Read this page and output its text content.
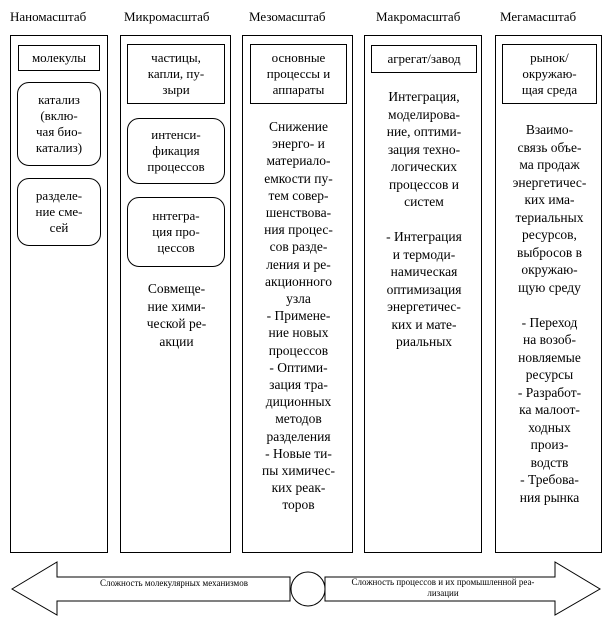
Наномасштаб	Микромасштаб	Мезомасштаб	Макромасштаб	Мегамасштаб
молекулы
катализ
(вклю-
чая био-
катализ)
разделе-
ние сме-
сей
частицы,
капли, пу-
зыри
интенси-
фикация
процессов
ннтегра-
ция про-
цессов
Совмеще-
ние хими-
ческой ре-
акции
основные
процессы и
аппараты
Снижение
энерго- и
материало-
емкости пу-
тем совер-
шенствова-
ния процес-
сов разде-
ления и ре-
акционного
узла
- Примене-
ние новых
процессов
- Оптими-
зация тра-
диционных
методов
разделения
- Новые ти-
пы химичес-
ких реак-
торов
агрегат/завод
Интеграция,
моделирова-
ние, оптими-
зация техно-
логических
процессов и
систем

- Интеграция
и термоди-
намическая
оптимизация
энергетичес-
ких и мате-
риальных
рынок/
окружаю-
щая среда
Взаимо-
связь объе-
ма продаж
энергетичес-
ких има-
териальных
ресурсов,
выбросов в
окружаю-
щую среду

- Переход
на возоб-
новляемые
ресурсы
- Разработ-
ка малоот-
ходных
произ-
водств
- Требова-
ния рынка
Сложность молекулярных механизмов	Сложность процессов и их промышленной реа-
лизации
